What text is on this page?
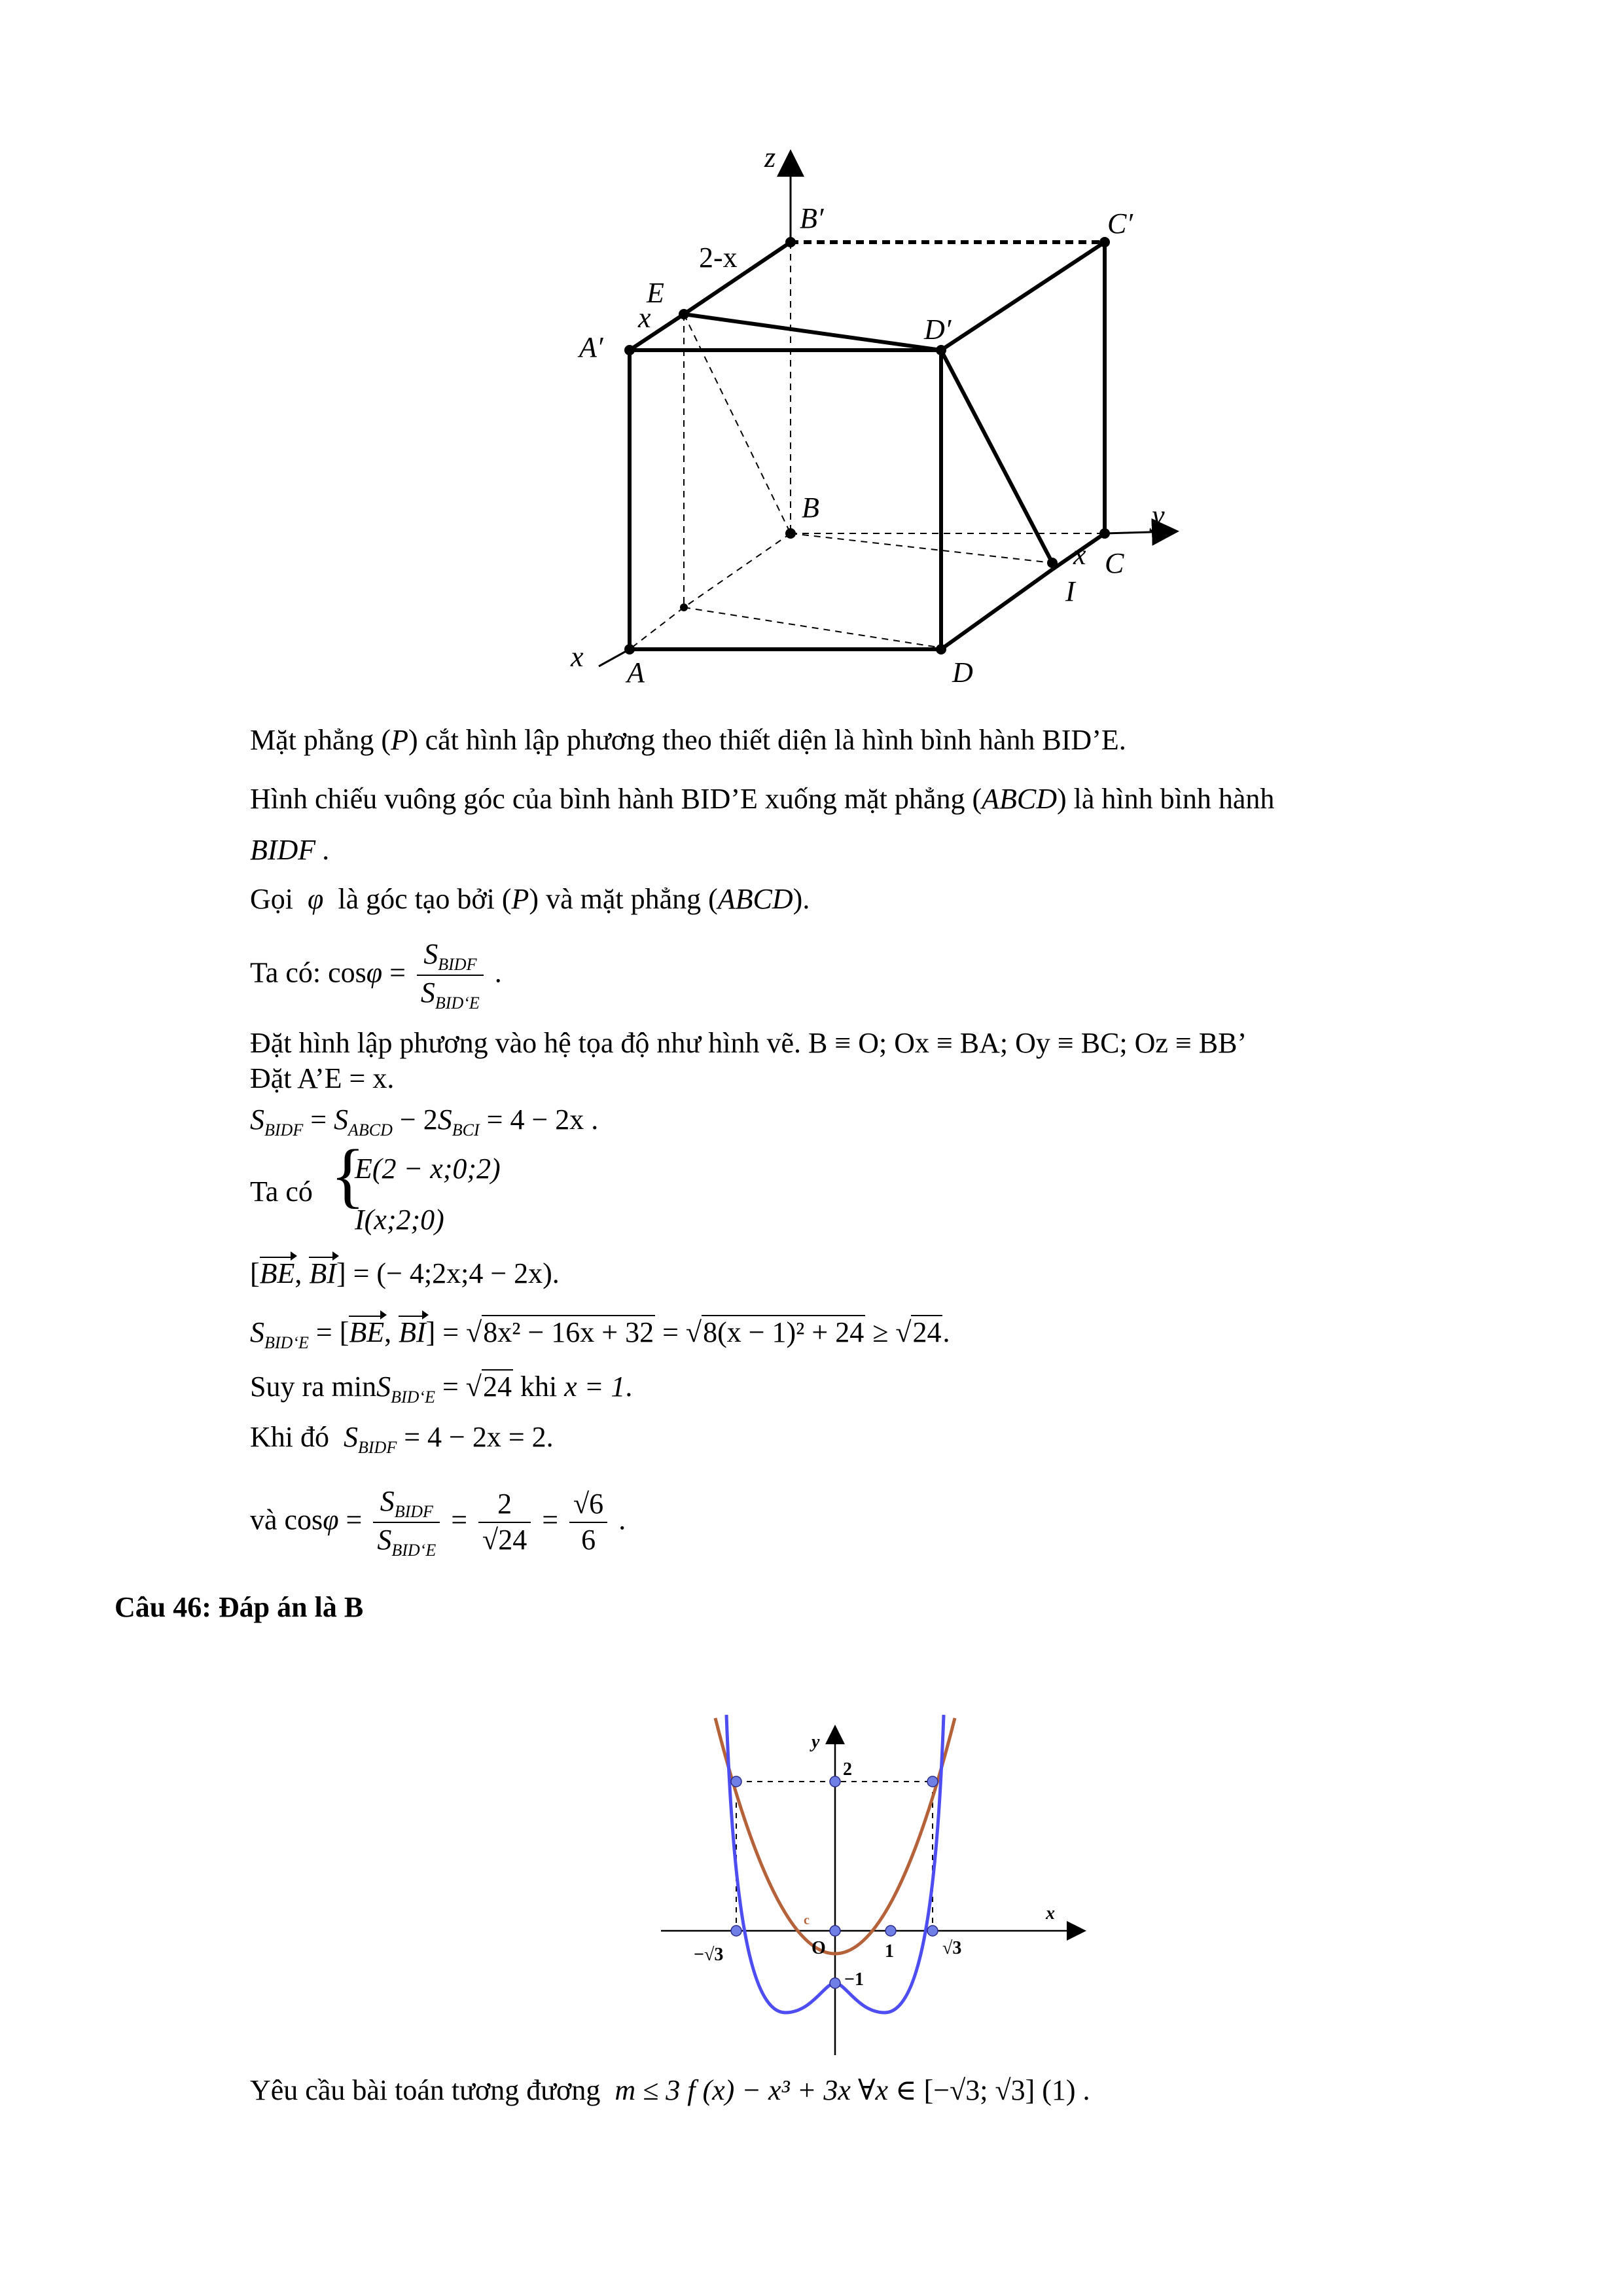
z
y
x
B′	C′
A′
D′
E
B
C
I
A	D
2-x
x
x
Mặt phẳng (P) cắt hình lập phương theo thiết diện là hình bình hành BID’E.
Hình chiếu vuông góc của bình hành BID’E xuống mặt phẳng (ABCD) là hình bình hành
BIDF .
Gọi φ là góc tạo bởi (P) và mặt phẳng (ABCD).
Ta có: $\cos\varphi = \frac{S_{BIDF}}{S_{BID‘E}}$ .
Đặt hình lập phương vào hệ tọa độ như hình vẽ. B ≡ O; Ox ≡ BA; Oy ≡ BC; Oz ≡ BB’
Đặt A’E = x.
$S_{BIDF} = S_{ABCD} - 2S_{BCI} = 4 - 2x$ .
Ta có {
E(2 − x;0;2)
I(x;2;0)
[BE, BI] = (− 4;2x;4 − 2x).
$S_{BID‘E} = [BE$, BI] = √8x² − 16x + 32 = √8(x − 1)² + 24 ≥ √24.
Suy ra minS$_{BID‘E}$ = √24 khi x = 1.
Khi đó $S_{BIDF} = 4 - 2x = 2$.
và $\cos\varphi = \frac{S_{BIDF}}{S_{BID‘E}} = \frac{2}{√24} = \frac{√6}{6}$ .
Câu 46: Đáp án là B
y
x
2
O
c
−√3	√3
1
−1
Yêu cầu bài toán tương đương m ≤ 3 f (x) − x³ + 3x ∀x ∈ [−√3; √3] (1) .
